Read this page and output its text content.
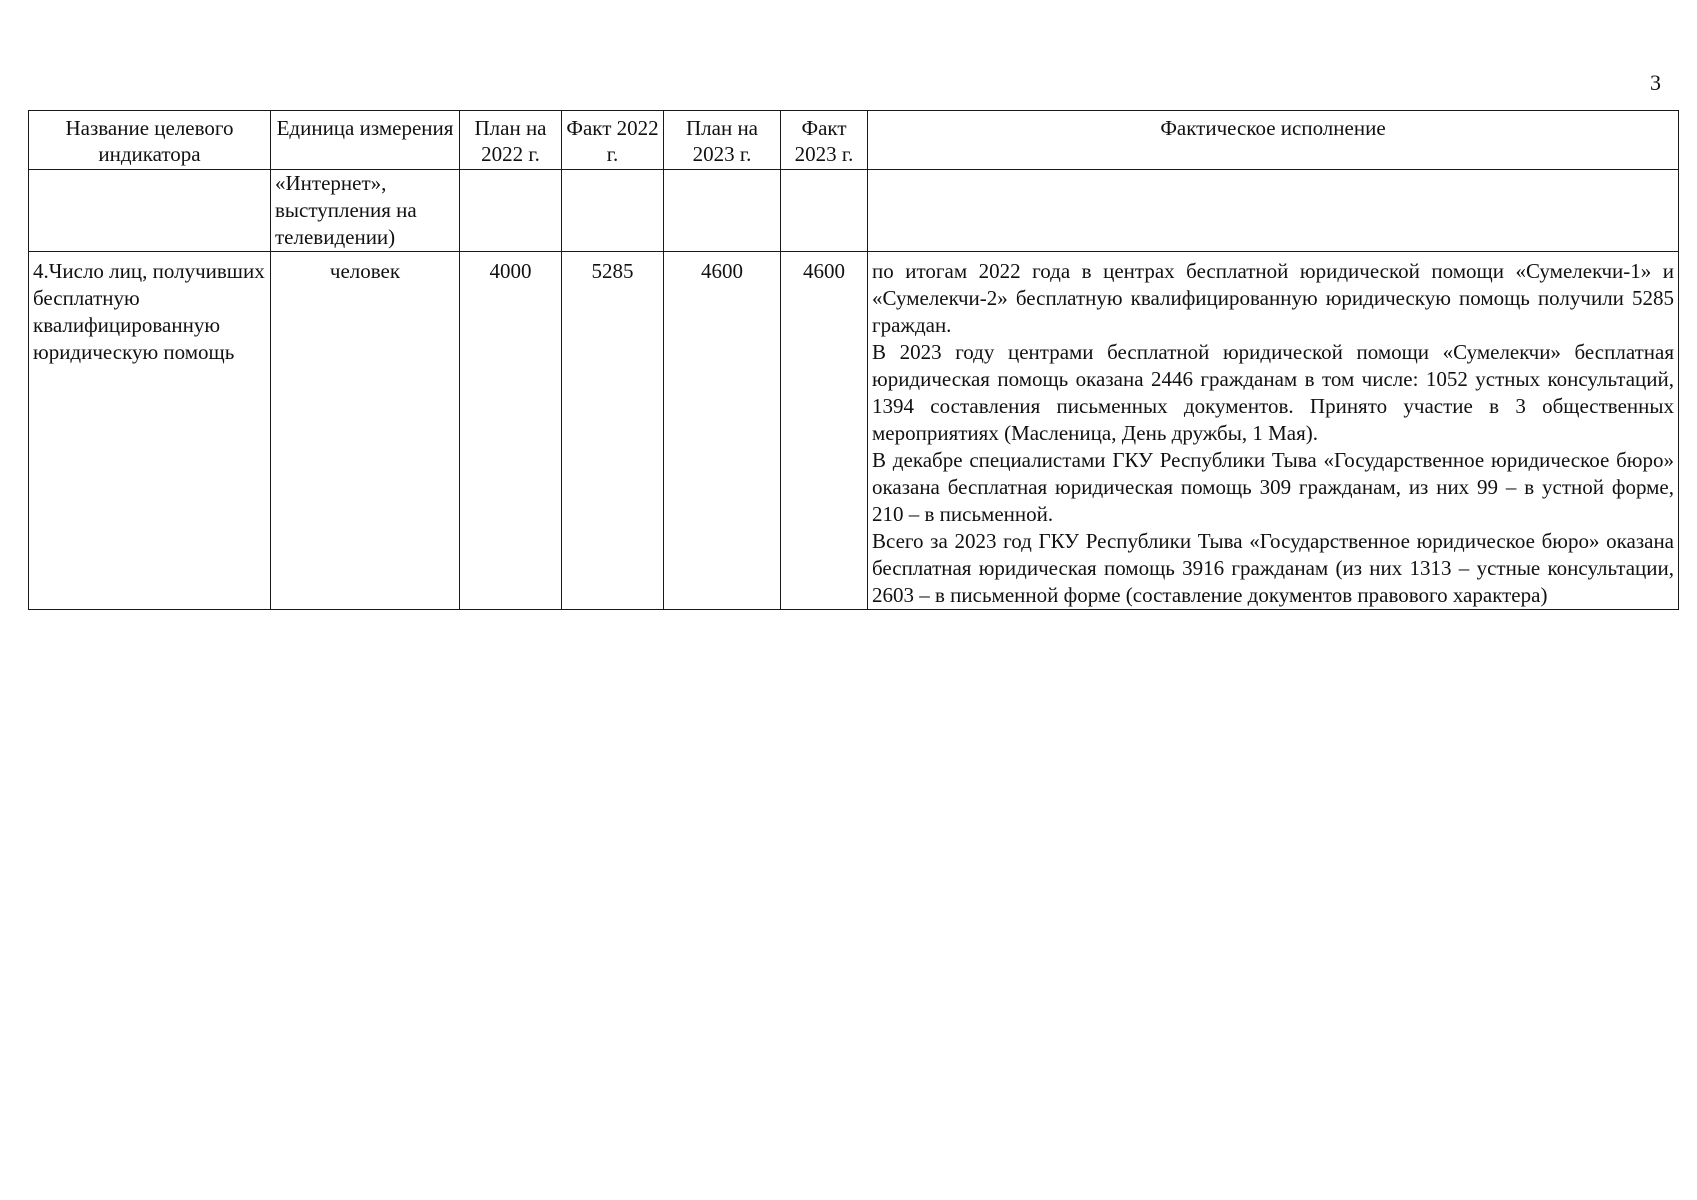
3
Название целевого индикатора	Единица измерения	План на 2022 г.	Факт 2022 г.	План на 2023 г.	Факт 2023 г.	Фактическое исполнение
	«Интернет», выступления на телевидении)					
4.Число лиц, получивших бесплатную квалифицированную юридическую помощь	человек	4000	5285	4600	4600	по итогам 2022 года в центрах бесплатной юридической помощи «Сумелекчи-1» и «Сумелекчи-2» бесплатную квалифицированную юридическую помощь получили 5285 граждан.
В 2023 году центрами бесплатной юридической помощи «Сумелекчи» бесплатная юридическая помощь оказана 2446 гражданам в том числе: 1052 устных консультаций, 1394 составления письменных документов. Принято участие в 3 общественных мероприятиях (Масленица, День дружбы, 1 Мая).
В декабре специалистами ГКУ Республики Тыва «Государственное юридическое бюро» оказана бесплатная юридическая помощь 309 гражданам, из них 99 – в устной форме, 210 – в письменной.
Всего за 2023 год ГКУ Республики Тыва «Государственное юридическое бюро» оказана бесплатная юридическая помощь 3916 гражданам (из них 1313 – устные консультации, 2603 – в письменной форме (составление документов правового характера)
